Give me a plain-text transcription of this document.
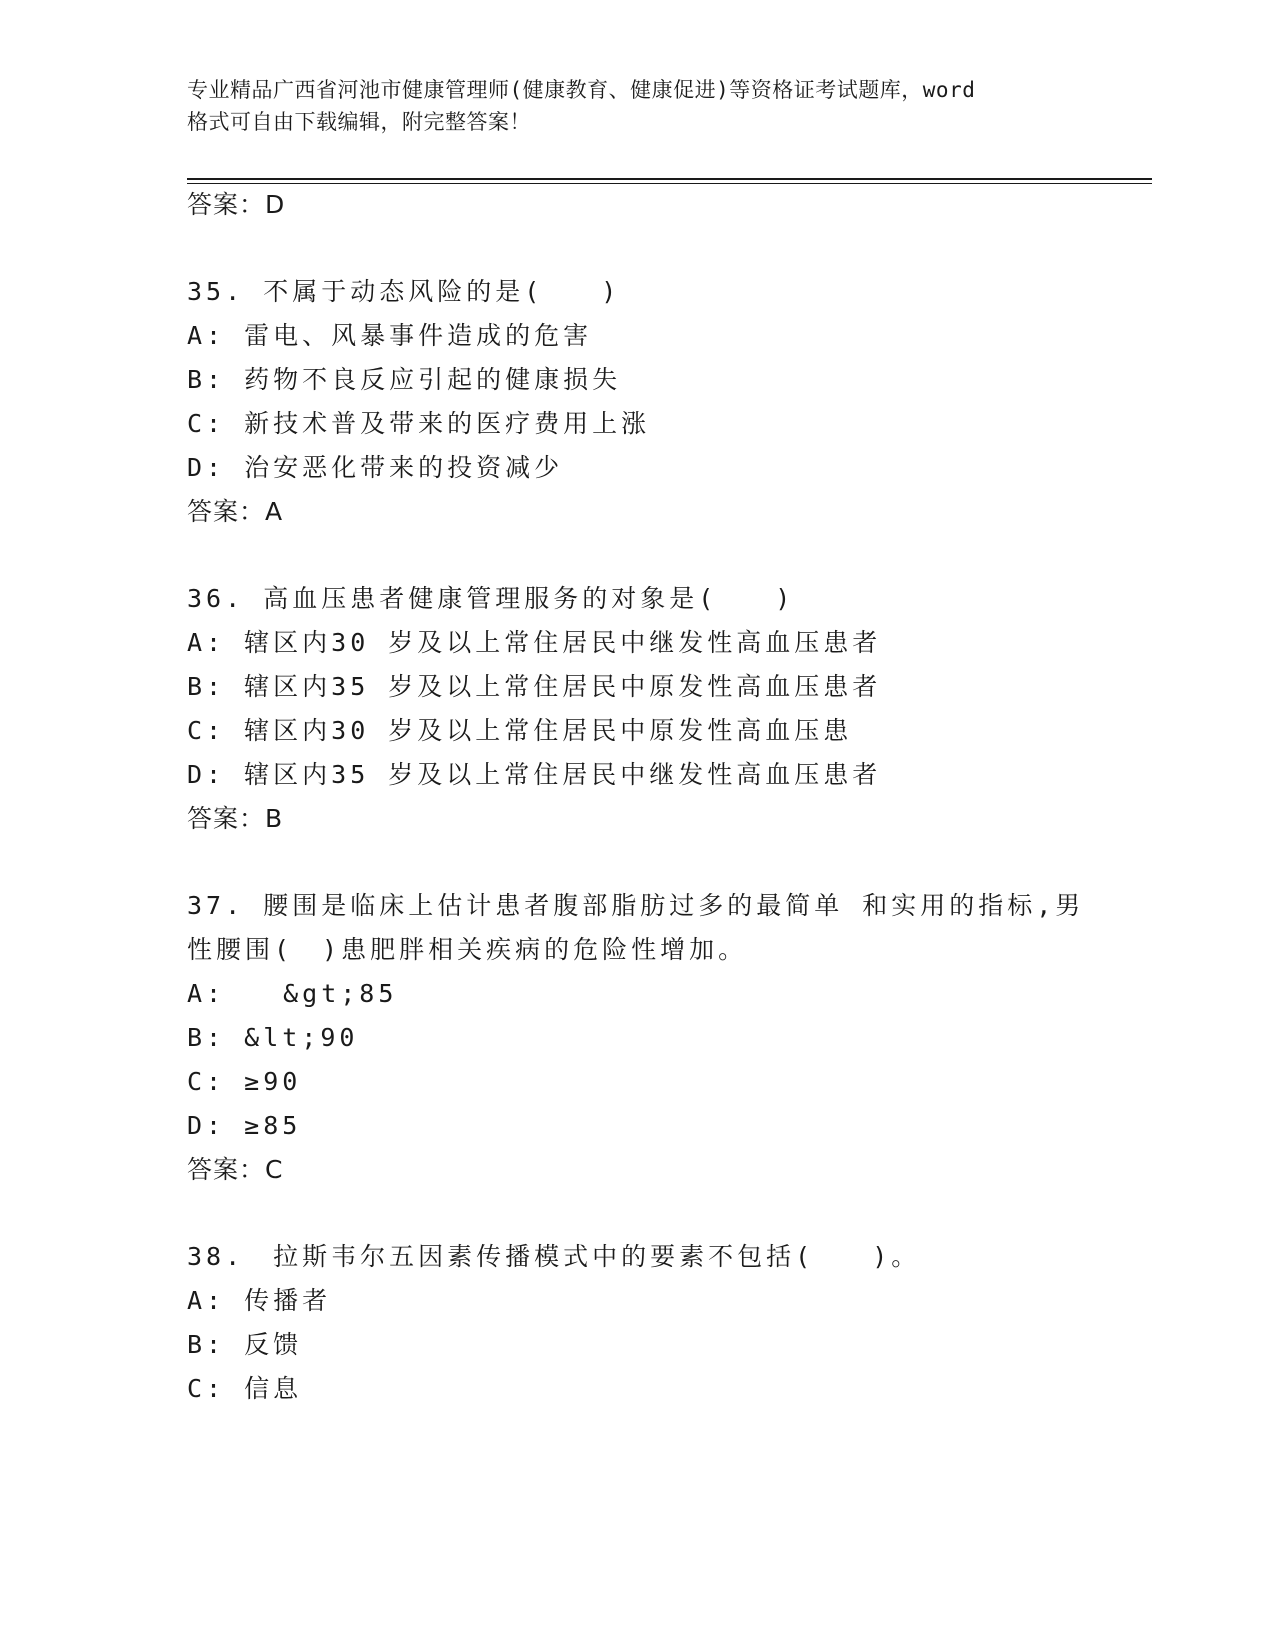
专业精品广西省河池市健康管理师(健康教育、健康促进)等资格证考试题库，word
格式可自由下载编辑，附完整答案！
答案：D
35. 不属于动态风险的是(　　)
A: 雷电、风暴事件造成的危害
B: 药物不良反应引起的健康损失
C: 新技术普及带来的医疗费用上涨
D: 治安恶化带来的投资减少
答案：A
36. 高血压患者健康管理服务的对象是(　　)
A: 辖区内30 岁及以上常住居民中继发性高血压患者
B: 辖区内35 岁及以上常住居民中原发性高血压患者
C: 辖区内30 岁及以上常住居民中原发性高血压患
D: 辖区内35 岁及以上常住居民中继发性高血压患者
答案：B
37. 腰围是临床上估计患者腹部脂肪过多的最简单 和实用的指标,男
性腰围(　)患肥胖相关疾病的危险性增加。
A:　　&gt;85
B: &lt;90
C: ≥90
D: ≥85
答案：C
38.　拉斯韦尔五因素传播模式中的要素不包括(　　)。
A: 传播者
B: 反馈
C: 信息
